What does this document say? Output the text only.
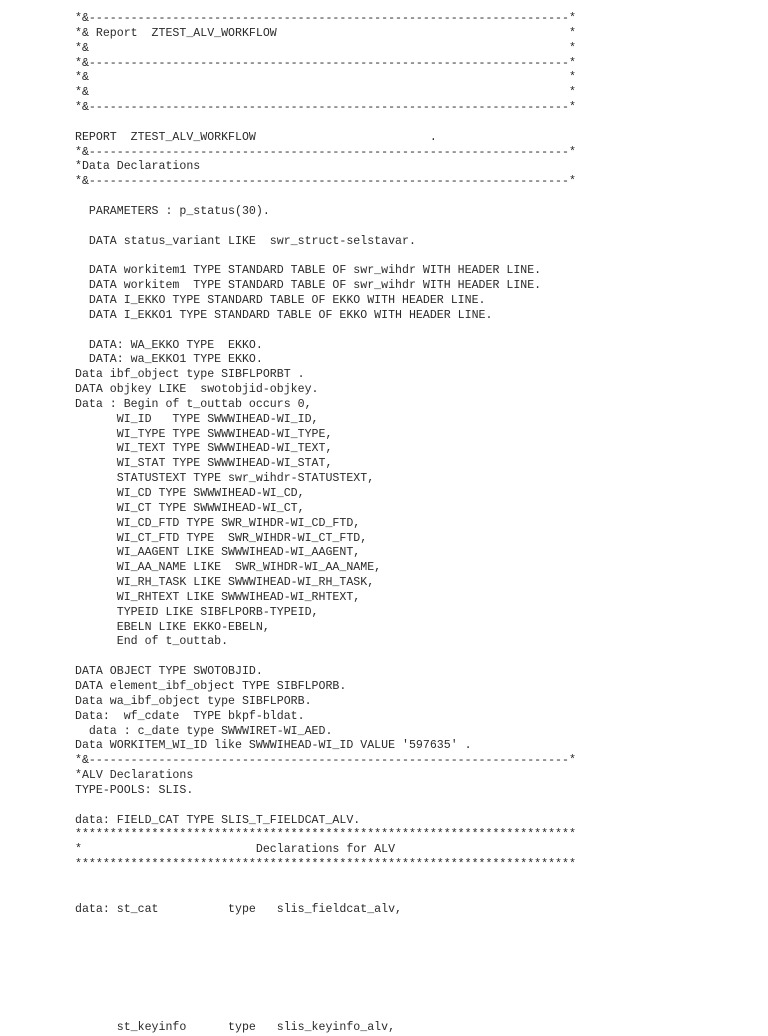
*&---------------------------------------------------------------------*
*& Report  ZTEST_ALV_WORKFLOW                                          *
*&                                                                     *
*&---------------------------------------------------------------------*
*&                                                                     *
*&                                                                     *
*&---------------------------------------------------------------------*
REPORT  ZTEST_ALV_WORKFLOW                         .
*&---------------------------------------------------------------------*
*Data Declarations
*&---------------------------------------------------------------------*
PARAMETERS : p_status(30).
DATA status_variant LIKE  swr_struct-selstavar.
DATA workitem1 TYPE STANDARD TABLE OF swr_wihdr WITH HEADER LINE.
DATA workitem  TYPE STANDARD TABLE OF swr_wihdr WITH HEADER LINE.
DATA I_EKKO TYPE STANDARD TABLE OF EKKO WITH HEADER LINE.
DATA I_EKKO1 TYPE STANDARD TABLE OF EKKO WITH HEADER LINE.
DATA: WA_EKKO TYPE  EKKO.
DATA: wa_EKKO1 TYPE EKKO.
Data ibf_object type SIBFLPORBT .
DATA objkey LIKE  swotobjid-objkey.
Data : Begin of t_outtab occurs 0,
WI_ID   TYPE SWWWIHEAD-WI_ID,
WI_TYPE TYPE SWWWIHEAD-WI_TYPE,
WI_TEXT TYPE SWWWIHEAD-WI_TEXT,
WI_STAT TYPE SWWWIHEAD-WI_STAT,
STATUSTEXT TYPE swr_wihdr-STATUSTEXT,
WI_CD TYPE SWWWIHEAD-WI_CD,
WI_CT TYPE SWWWIHEAD-WI_CT,
WI_CD_FTD TYPE SWR_WIHDR-WI_CD_FTD,
WI_CT_FTD TYPE  SWR_WIHDR-WI_CT_FTD,
WI_AAGENT LIKE SWWWIHEAD-WI_AAGENT,
WI_AA_NAME LIKE  SWR_WIHDR-WI_AA_NAME,
WI_RH_TASK LIKE SWWWIHEAD-WI_RH_TASK,
WI_RHTEXT LIKE SWWWIHEAD-WI_RHTEXT,
TYPEID LIKE SIBFLPORB-TYPEID,
EBELN LIKE EKKO-EBELN,
End of t_outtab.
DATA OBJECT TYPE SWOTOBJID.
DATA element_ibf_object TYPE SIBFLPORB.
Data wa_ibf_object type SIBFLPORB.
Data:  wf_cdate  TYPE bkpf-bldat.
data : c_date type SWWWIRET-WI_AED.
Data WORKITEM_WI_ID like SWWWIHEAD-WI_ID VALUE '597635' .
*&---------------------------------------------------------------------*
*ALV Declarations
TYPE-POOLS: SLIS.
data: FIELD_CAT TYPE SLIS_T_FIELDCAT_ALV.
************************************************************************
*                         Declarations for ALV
************************************************************************
data: st_cat          type   slis_fieldcat_alv,
st_keyinfo      type   slis_keyinfo_alv,
